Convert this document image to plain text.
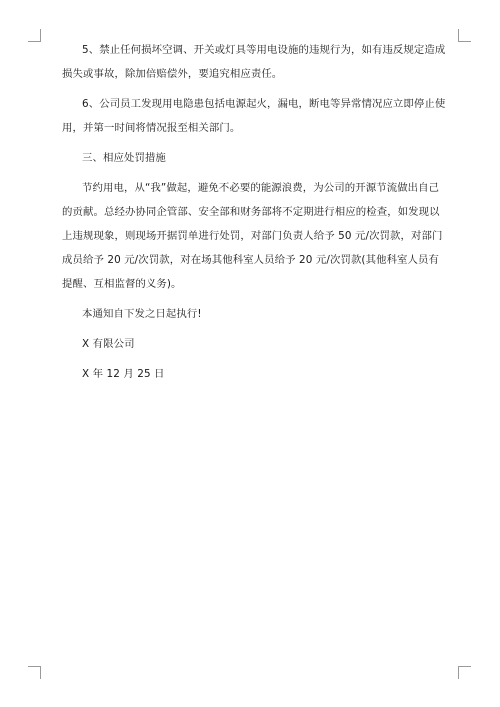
5、禁止任何损坏空调、开关或灯具等用电设施的违规行为，如有违反规定造成损失或事故，除加倍赔偿外，要追究相应责任。

6、公司员工发现用电隐患包括电源起火，漏电，断电等异常情况应立即停止使用，并第一时间将情况报至相关部门。

三、相应处罚措施

节约用电，从“我”做起，避免不必要的能源浪费，为公司的开源节流做出自己的贡献。总经办协同企管部、安全部和财务部将不定期进行相应的检查，如发现以上违规现象，则现场开据罚单进行处罚，对部门负责人给予 50 元/次罚款，对部门成员给予 20 元/次罚款，对在场其他科室人员给予 20 元/次罚款(其他科室人员有提醒、互相监督的义务)。

本通知自下发之日起执行!

X 有限公司

X 年 12 月 25 日
